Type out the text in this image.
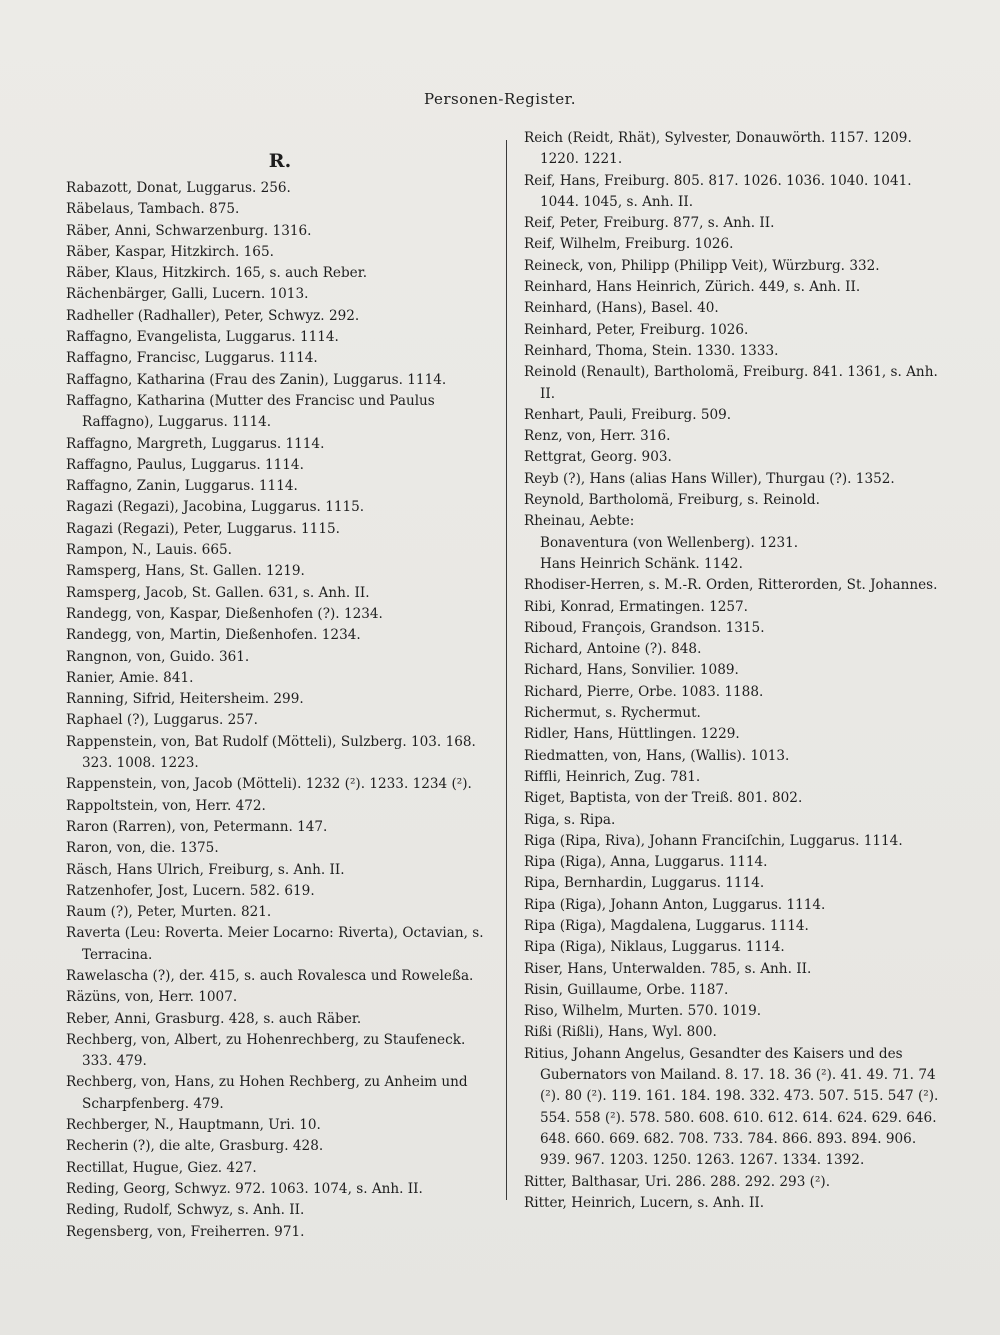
Personen-Register.
R.
Rabazott, Donat, Luggarus. 256.
Räbelaus, Tambach. 875.
Räber, Anni, Schwarzenburg. 1316.
Räber, Kaspar, Hitzkirch. 165.
Räber, Klaus, Hitzkirch. 165, s. auch Reber.
Rächenbärger, Galli, Lucern. 1013.
Radheller (Radhaller), Peter, Schwyz. 292.
Raffagno, Evangelista, Luggarus. 1114.
Raffagno, Francisc, Luggarus. 1114.
Raffagno, Katharina (Frau des Zanin), Luggarus. 1114.
Raffagno, Katharina (Mutter des Francisc und Paulus Raffagno), Luggarus. 1114.
Raffagno, Margreth, Luggarus. 1114.
Raffagno, Paulus, Luggarus. 1114.
Raffagno, Zanin, Luggarus. 1114.
Ragazi (Regazi), Jacobina, Luggarus. 1115.
Ragazi (Regazi), Peter, Luggarus. 1115.
Rampon, N., Lauis. 665.
Ramsperg, Hans, St. Gallen. 1219.
Ramsperg, Jacob, St. Gallen. 631, s. Anh. II.
Randegg, von, Kaspar, Dießenhofen (?). 1234.
Randegg, von, Martin, Dießenhofen. 1234.
Rangnon, von, Guido. 361.
Ranier, Amie. 841.
Ranning, Sifrid, Heitersheim. 299.
Raphael (?), Luggarus. 257.
Rappenstein, von, Bat Rudolf (Mötteli), Sulzberg. 103. 168. 323. 1008. 1223.
Rappenstein, von, Jacob (Mötteli). 1232 (²). 1233. 1234 (²).
Rappoltstein, von, Herr. 472.
Raron (Rarren), von, Petermann. 147.
Raron, von, die. 1375.
Räsch, Hans Ulrich, Freiburg, s. Anh. II.
Ratzenhofer, Jost, Lucern. 582. 619.
Raum (?), Peter, Murten. 821.
Raverta (Leu: Roverta. Meier Locarno: Riverta), Octavian, s. Terracina.
Rawelascha (?), der. 415, s. auch Rovalesca und Roweleßa.
Räzüns, von, Herr. 1007.
Reber, Anni, Grasburg. 428, s. auch Räber.
Rechberg, von, Albert, zu Hohenrechberg, zu Staufeneck. 333. 479.
Rechberg, von, Hans, zu Hohen Rechberg, zu Anheim und Scharpfenberg. 479.
Rechberger, N., Hauptmann, Uri. 10.
Recherin (?), die alte, Grasburg. 428.
Rectillat, Hugue, Giez. 427.
Reding, Georg, Schwyz. 972. 1063. 1074, s. Anh. II.
Reding, Rudolf, Schwyz, s. Anh. II.
Regensberg, von, Freiherren. 971.
Reich (Reidt, Rhät), Sylvester, Donauwörth. 1157. 1209. 1220. 1221.
Reif, Hans, Freiburg. 805. 817. 1026. 1036. 1040. 1041. 1044. 1045, s. Anh. II.
Reif, Peter, Freiburg. 877, s. Anh. II.
Reif, Wilhelm, Freiburg. 1026.
Reineck, von, Philipp (Philipp Veit), Würzburg. 332.
Reinhard, Hans Heinrich, Zürich. 449, s. Anh. II.
Reinhard, (Hans), Basel. 40.
Reinhard, Peter, Freiburg. 1026.
Reinhard, Thoma, Stein. 1330. 1333.
Reinold (Renault), Bartholomä, Freiburg. 841. 1361, s. Anh. II.
Renhart, Pauli, Freiburg. 509.
Renz, von, Herr. 316.
Rettgrat, Georg. 903.
Reyb (?), Hans (alias Hans Willer), Thurgau (?). 1352.
Reynold, Bartholomä, Freiburg, s. Reinold.
Rheinau, Aebte:
Bonaventura (von Wellenberg). 1231.
Hans Heinrich Schänk. 1142.
Rhodiser-Herren, s. M.-R. Orden, Ritterorden, St. Johannes.
Ribi, Konrad, Ermatingen. 1257.
Riboud, François, Grandson. 1315.
Richard, Antoine (?). 848.
Richard, Hans, Sonvilier. 1089.
Richard, Pierre, Orbe. 1083. 1188.
Richermut, s. Rychermut.
Ridler, Hans, Hüttlingen. 1229.
Riedmatten, von, Hans, (Wallis). 1013.
Riffli, Heinrich, Zug. 781.
Riget, Baptista, von der Treiß. 801. 802.
Riga, s. Ripa.
Riga (Ripa, Riva), Johann Franciſchin, Luggarus. 1114.
Ripa (Riga), Anna, Luggarus. 1114.
Ripa, Bernhardin, Luggarus. 1114.
Ripa (Riga), Johann Anton, Luggarus. 1114.
Ripa (Riga), Magdalena, Luggarus. 1114.
Ripa (Riga), Niklaus, Luggarus. 1114.
Riser, Hans, Unterwalden. 785, s. Anh. II.
Risin, Guillaume, Orbe. 1187.
Riso, Wilhelm, Murten. 570. 1019.
Rißi (Rißli), Hans, Wyl. 800.
Ritius, Johann Angelus, Gesandter des Kaisers und des Gubernators von Mailand. 8. 17. 18. 36 (²). 41. 49. 71. 74 (²). 80 (²). 119. 161. 184. 198. 332. 473. 507. 515. 547 (²). 554. 558 (²). 578. 580. 608. 610. 612. 614. 624. 629. 646. 648. 660. 669. 682. 708. 733. 784. 866. 893. 894. 906. 939. 967. 1203. 1250. 1263. 1267. 1334. 1392.
Ritter, Balthasar, Uri. 286. 288. 292. 293 (²).
Ritter, Heinrich, Lucern, s. Anh. II.
